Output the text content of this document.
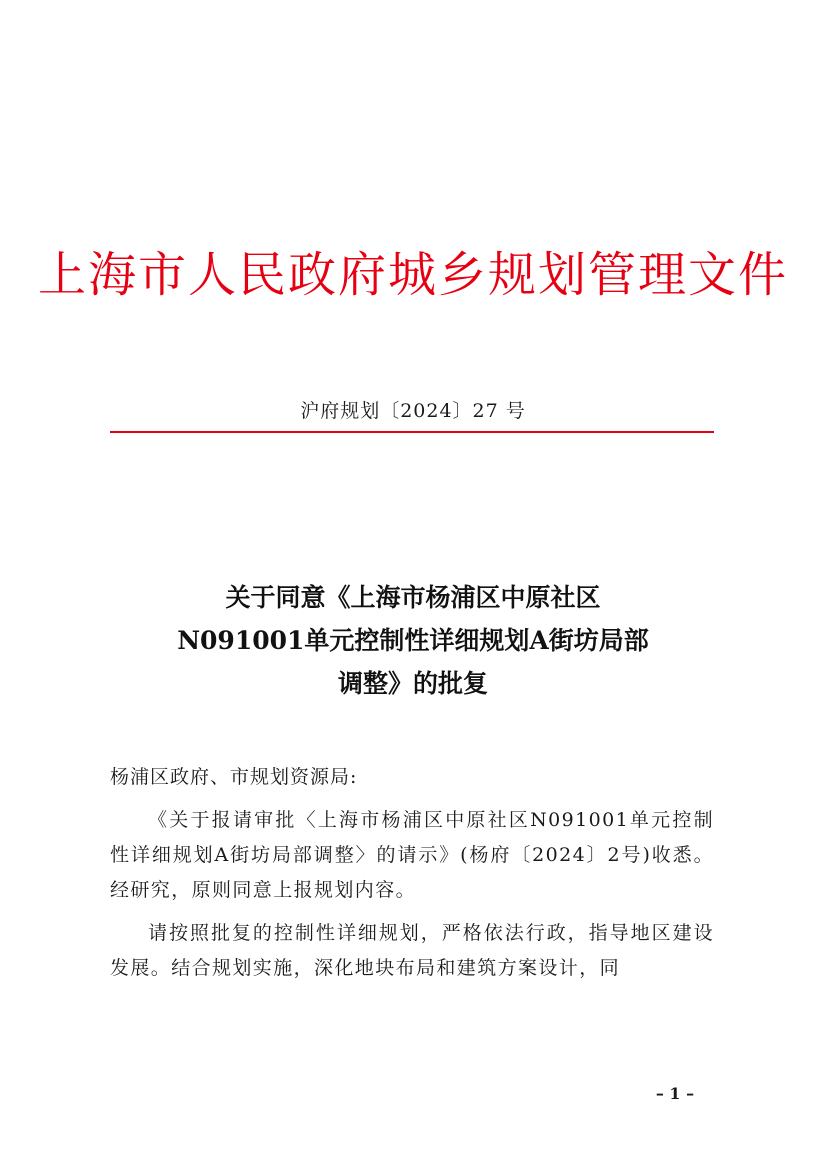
上海市人民政府城乡规划管理文件
沪府规划〔2024〕27 号
关于同意《上海市杨浦区中原社区
N091001单元控制性详细规划A街坊局部
调整》的批复
杨浦区政府、市规划资源局:
《关于报请审批〈上海市杨浦区中原社区N091001单元控制性详细规划A街坊局部调整〉的请示》(杨府〔2024〕2号)收悉。经研究，原则同意上报规划内容。
请按照批复的控制性详细规划，严格依法行政，指导地区建设发展。结合规划实施，深化地块布局和建筑方案设计，同
– 1 –
